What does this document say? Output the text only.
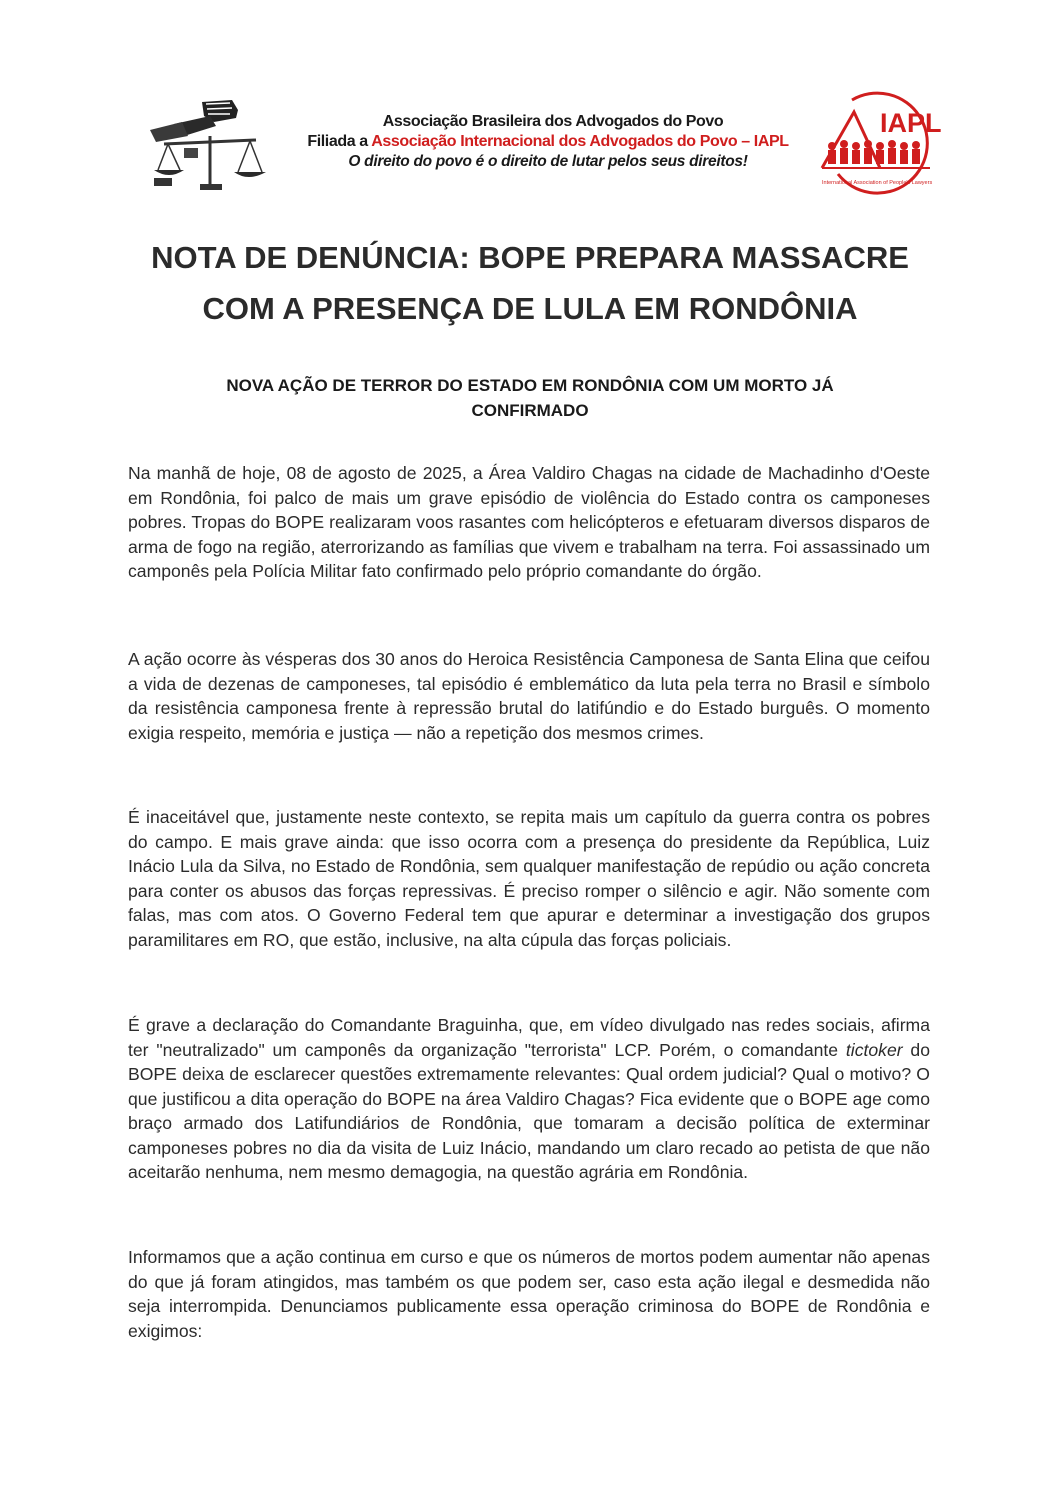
Associação Brasileira dos Advogados do Povo
Filiada a Associação Internacional dos Advogados do Povo – IAPL
O direito do povo é o direito de lutar pelos seus direitos!
IAPL
International Association of People's Lawyers
NOTA DE DENÚNCIA: BOPE PREPARA MASSACRE
COM A PRESENÇA DE LULA EM RONDÔNIA
NOVA AÇÃO DE TERROR DO ESTADO EM RONDÔNIA COM UM MORTO JÁ
CONFIRMADO

Na manhã de hoje, 08 de agosto de 2025, a Área Valdiro Chagas na cidade de Machadinho d'Oeste em Rondônia, foi palco de mais um grave episódio de violência do Estado contra os camponeses pobres. Tropas do BOPE realizaram voos rasantes com helicópteros e efetuaram diversos disparos de arma de fogo na região, aterrorizando as famílias que vivem e trabalham na terra. Foi assassinado um camponês pela Polícia Militar fato confirmado pelo próprio comandante do órgão.

A ação ocorre às vésperas dos 30 anos do Heroica Resistência Camponesa de Santa Elina que ceifou a vida de dezenas de camponeses, tal episódio é emblemático da luta pela terra no Brasil e símbolo da resistência camponesa frente à repressão brutal do latifúndio e do Estado burguês. O momento exigia respeito, memória e justiça — não a repetição dos mesmos crimes.

É inaceitável que, justamente neste contexto, se repita mais um capítulo da guerra contra os pobres do campo. E mais grave ainda: que isso ocorra com a presença do presidente da República, Luiz Inácio Lula da Silva, no Estado de Rondônia, sem qualquer manifestação de repúdio ou ação concreta para conter os abusos das forças repressivas. É preciso romper o silêncio e agir. Não somente com falas, mas com atos. O Governo Federal tem que apurar e determinar a investigação dos grupos paramilitares em RO, que estão, inclusive, na alta cúpula das forças policiais.

É grave a declaração do Comandante Braguinha, que, em vídeo divulgado nas redes sociais, afirma ter "neutralizado" um camponês da organização "terrorista" LCP. Porém, o comandante tictoker do BOPE deixa de esclarecer questões extremamente relevantes: Qual ordem judicial? Qual o motivo? O que justificou a dita operação do BOPE na área Valdiro Chagas? Fica evidente que o BOPE age como braço armado dos Latifundiários de Rondônia, que tomaram a decisão política de exterminar camponeses pobres no dia da visita de Luiz Inácio, mandando um claro recado ao petista de que não aceitarão nenhuma, nem mesmo demagogia, na questão agrária em Rondônia.

Informamos que a ação continua em curso e que os números de mortos podem aumentar não apenas do que já foram atingidos, mas também os que podem ser, caso esta ação ilegal e desmedida não seja interrompida. Denunciamos publicamente essa operação criminosa do BOPE de Rondônia e exigimos:
